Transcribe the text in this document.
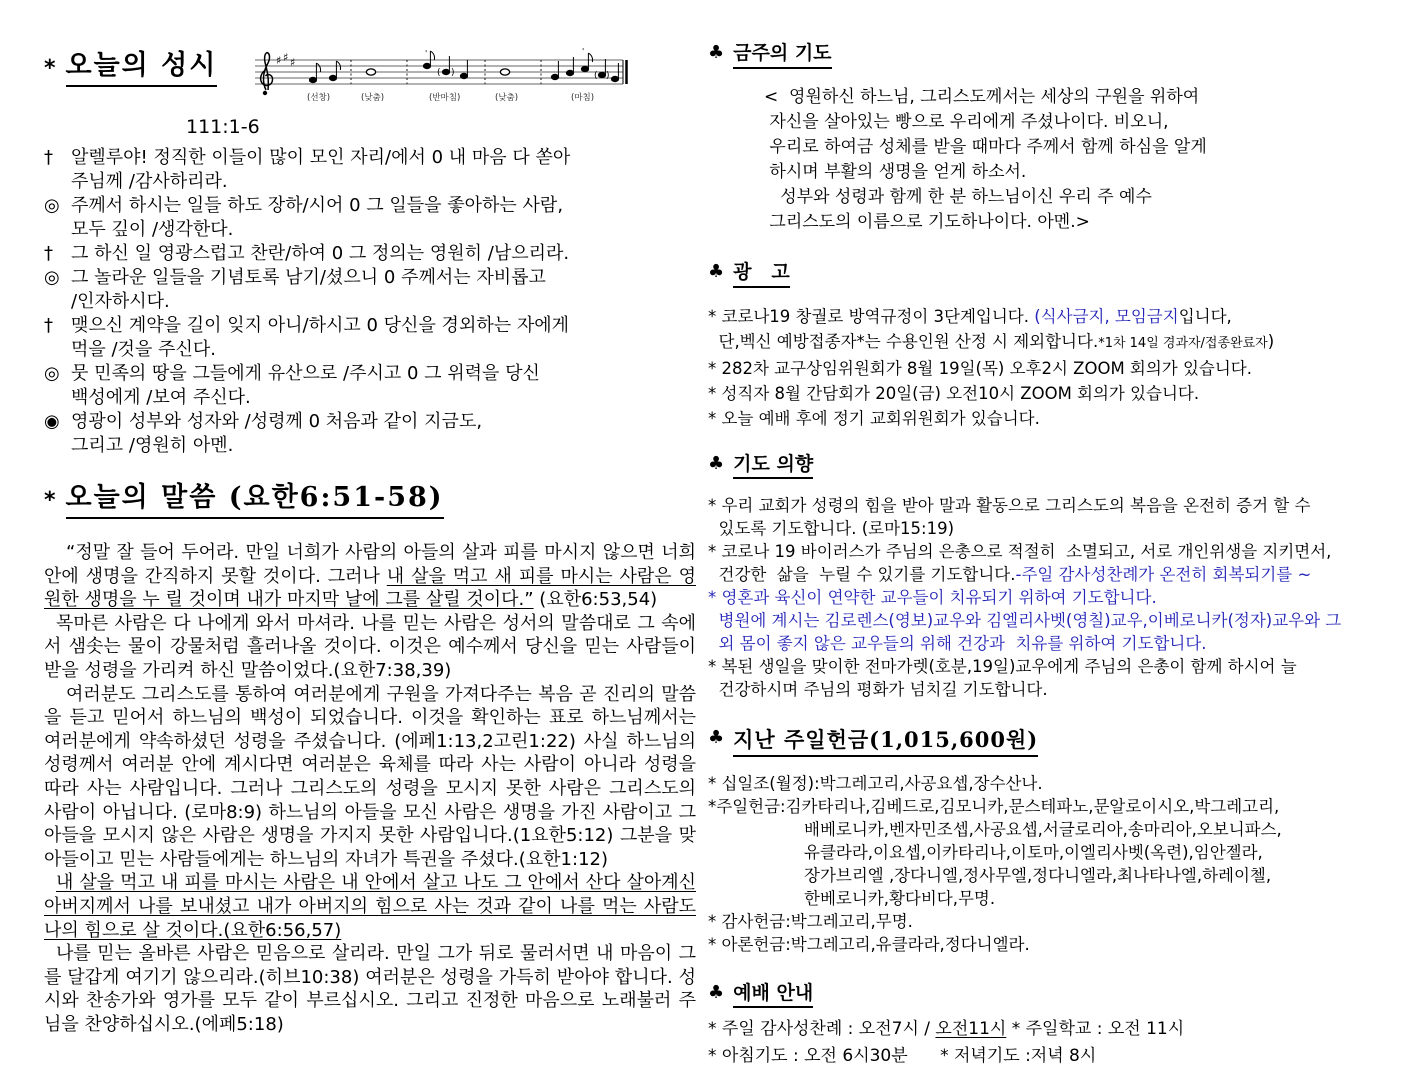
* 오늘의 성시	♯ ♯ ♯
'
( )
'
( )
(선창)	(낮춤)	(반마침)	(낮춤)	(마침)
111:1-6
†	알렐루야! 정직한 이들이 많이 모인 자리/에서 0 내 마음 다 쏟아
주님께 /감사하리라.
◎ 주께서 하시는 일들 하도 장하/시어 0 그 일들을 좋아하는 사람,
모두 깊이 /생각한다.
†	그 하신 일 영광스럽고 찬란/하여 0 그 정의는 영원히 /남으리라.
◎ 그 놀라운 일들을 기념토록 남기/셨으니 0 주께서는 자비롭고
/인자하시다.
†	맺으신 계약을 길이 잊지 아니/하시고 0 당신을 경외하는 자에게
먹을 /것을 주신다.
◎ 뭇 민족의 땅을 그들에게 유산으로 /주시고 0 그 위력을 당신
백성에게 /보여 주신다.
◉ 영광이 성부와 성자와 /성령께 0 처음과 같이 지금도,
그리고 /영원히 아멘.
* 오늘의 말씀 (요한6:51-58)

“정말 잘 들어 두어라. 만일 너희가 사람의 아들의 살과 피를 마시지 않으면 너희 안에 생명을 간직하지 못할 것이다. 그러나 내 살을 먹고 새 피를 마시는 사람은 영원한 생명을 누 릴 것이며 내가 마지막 날에 그를 살릴 것이다.” (요한6:53,54)

목마른 사람은 다 나에게 와서 마셔라. 나를 믿는 사람은 성서의 말씀대로 그 속에서 샘솟는 물이 강물처럼 흘러나올 것이다. 이것은 예수께서 당신을 믿는 사람들이 받을 성령을 가리켜 하신 말씀이었다.(요한7:38,39)

여러분도 그리스도를 통하여 여러분에게 구원을 가져다주는 복음 곧 진리의 말씀을 듣고 믿어서 하느님의 백성이 되었습니다. 이것을 확인하는 표로 하느님께서는 여러분에게 약속하셨던 성령을 주셨습니다. (에페1:13,2고린1:22) 사실 하느님의 성령께서 여러분 안에 계시다면 여러분은 육체를 따라 사는 사람이 아니라 성령을 따라 사는 사람입니다. 그러나 그리스도의 성령을 모시지 못한 사람은 그리스도의 사람이 아닙니다. (로마8:9) 하느님의 아들을 모신 사람은 생명을 가진 사람이고 그 아들을 모시지 않은 사람은 생명을 가지지 못한 사람입니다.(1요한5:12) 그분을 맞아들이고 믿는 사람들에게는 하느님의 자녀가 특권을 주셨다.(요한1:12)

내 살을 먹고 내 피를 마시는 사람은 내 안에서 살고 나도 그 안에서 산다 살아계신 아버지께서 나를 보내셨고 내가 아버지의 힘으로 사는 것과 같이 나를 먹는 사람도 나의 힘으로 살 것이다.(요한6:56,57)

나를 믿는 올바른 사람은 믿음으로 살리라. 만일 그가 뒤로 물러서면 내 마음이 그를 달갑게 여기기 않으리라.(히브10:38) 여러분은 성령을 가득히 받아야 합니다. 성시와 찬송가와 영가를 모두 같이 부르십시오. 그리고 진정한 마음으로 노래불러 주님을 찬양하십시오.(에페5:18)

♣ 금주의 기도
<  영원하신 하느님, 그리스도께서는 세상의 구원을 위하여
자신을 살아있는 빵으로 우리에게 주셨나이다. 비오니,
우리로 하여금 성체를 받을 때마다 주께서 함께 하심을 알게
하시며 부활의 생명을 얻게 하소서.
성부와 성령과 함께 한 분 하느님이신 우리 주 예수
그리스도의 이름으로 기도하나이다. 아멘.>
♣ 광   고
* 코로나19 창궐로 방역규정이 3단계입니다. (식사금지, 모임금지입니다,
단,벡신 예방접종자*는 수용인원 산정 시 제외합니다.*1차 14일 경과자/접종완료자)
* 282차 교구상임위원회가 8월 19일(목) 오후2시 ZOOM 회의가 있습니다.
* 성직자 8월 간담회가 20일(금) 오전10시 ZOOM 회의가 있습니다.
* 오늘 예배 후에 정기 교회위원회가 있습니다.
♣ 기도 의향
* 우리 교회가 성령의 힘을 받아 말과 활동으로 그리스도의 복음을 온전히 증거 할 수
있도록 기도합니다. (로마15:19)
* 코로나 19 바이러스가 주님의 은총으로 적절히  소멸되고, 서로 개인위생을 지키면서,
건강한  삶을  누릴 수 있기를 기도합니다.-주일 감사성찬례가 온전히 회복되기를 ~
* 영혼과 육신이 연약한 교우들이 치유되기 위하여 기도합니다.
병원에 계시는 김로렌스(영보)교우와 김엘리사벳(영칠)교우,이베로니카(정자)교우와 그
외 몸이 좋지 않은 교우들의 위해 건강과  치유를 위하여 기도합니다.
* 복된 생일을 맞이한 전마가렛(호분,19일)교우에게 주님의 은총이 함께 하시어 늘
건강하시며 주님의 평화가 넘치길 기도합니다.
♣ 지난 주일헌금(1,015,600원)
* 십일조(월정):박그레고리,사공요셉,장수산나.
*주일헌금:김카타리나,김베드로,김모니카,문스테파노,문알로이시오,박그레고리,
배베로니카,벤자민조셉,사공요셉,서글로리아,송마리아,오보니파스,
유클라라,이요셉,이카타리나,이토마,이엘리사벳(옥련),임안젤라,
장가브리엘 ,장다니엘,정사무엘,정다니엘라,최나타나엘,하레이첼,
한베로니카,황다비다,무명.
* 감사헌금:박그레고리,무명.
* 아론헌금:박그레고리,유클라라,정다니엘라.
♣ 예배 안내
* 주일 감사성찬례 : 오전7시 / 오전11시 * 주일학교 : 오전 11시
* 아침기도 : 오전 6시30분      * 저녁기도 :저녁 8시
